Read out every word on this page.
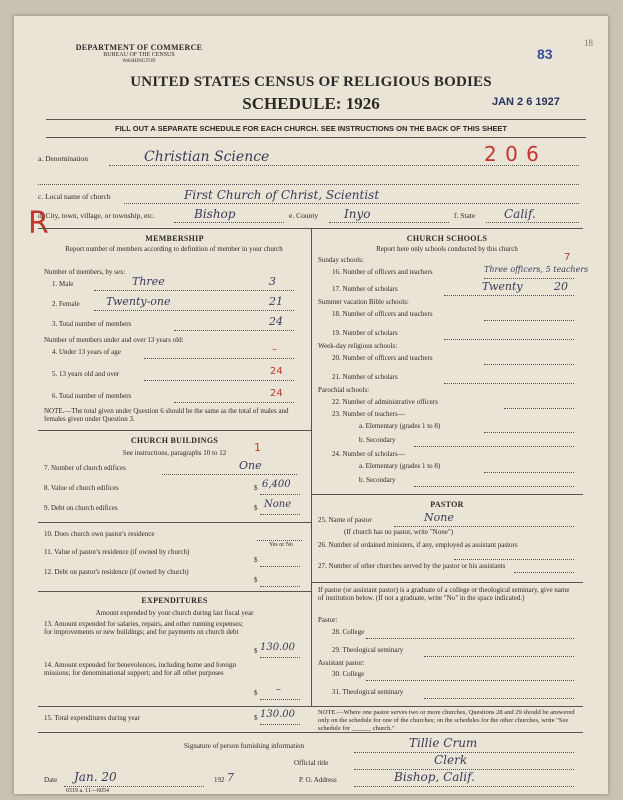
18
83
DEPARTMENT OF COMMERCE
BUREAU OF THE CENSUS
WASHINGTON
UNITED STATES CENSUS OF RELIGIOUS BODIES
SCHEDULE: 1926	JAN 2 6 1927
FILL OUT A SEPARATE SCHEDULE FOR EACH CHURCH. SEE INSTRUCTIONS ON THE BACK OF THIS SHEET
a. Denomination	Christian Science	2 0 6
R
c. Local name of church	First Church of Christ, Scientist
d. City, town, village, or township, etc.	Bishop	e. County Inyo	f. State Calif.
MEMBERSHIP
Report number of members according to definition of member in your church
Number of members, by sex:
1. Male	Three	3
2. Female Twenty-one	21
3. Total number of members	24
Number of members under and over 13 years old:
4. Under 13 years of age	–
5. 13 years old and over	24
6. Total number of members	24
NOTE.—The total given under Question 6 should be the same as the total of males and females given under Question 3.
CHURCH BUILDINGS
See instructions, paragraphs 10 to 12	1
7. Number of church edifices	One
8. Value of church edifices	$ 6,400
9. Debt on church edifices	$ None
10. Does church own pastor's residence
Yes or No
11. Value of pastor's residence (if owned by church)
$
12. Debt on pastor's residence (if owned by church)
$
EXPENDITURES
Amount expended by your church during last fiscal year
13. Amount expended for salaries, repairs, and other running expenses; for improvements or new buildings; and for payments on church debt
$ 130.00
14. Amount expended for benevolences, including home and foreign missions; for denominational support; and for all other purposes
$ –
15. Total expenditures during year	$ 130.00
CHURCH SCHOOLS
Report here only schools conducted by this church
Sunday schools:
16. Number of officers and teachers	Three officers, 5 teachers
7
17. Number of scholars	Twenty	20
Summer vacation Bible schools:
18. Number of officers and teachers
19. Number of scholars
Week-day religious schools:
20. Number of officers and teachers
21. Number of scholars
Parochial schools:
22. Number of administrative officers
23. Number of teachers—
a. Elementary (grades 1 to 8)
b. Secondary
24. Number of scholars—
a. Elementary (grades 1 to 8)
b. Secondary
PASTOR
25. Name of pastor	None
(If church has no pastor, write "None")
26. Number of ordained ministers, if any, employed as assistant pastors
27. Number of other churches served by the pastor or his assistants
If pastor (or assistant pastor) is a graduate of a college or theological seminary, give name of institution below. (If not a graduate, write "No" in the space indicated.)
Pastor:
28. College
29. Theological seminary
Assistant pastor:
30. College
31. Theological seminary
NOTE.—Where one pastor serves two or more churches, Questions 28 and 29 should be answered only on the schedule for one of the churches; on the schedules for the other churches, write "See schedule for ______ church."
Signature of person furnishing information	Tillie Crum
Official title	Clerk
Date Jan. 20	192 7
6519 a. 11—6054
P. O. Address	Bishop, Calif.
